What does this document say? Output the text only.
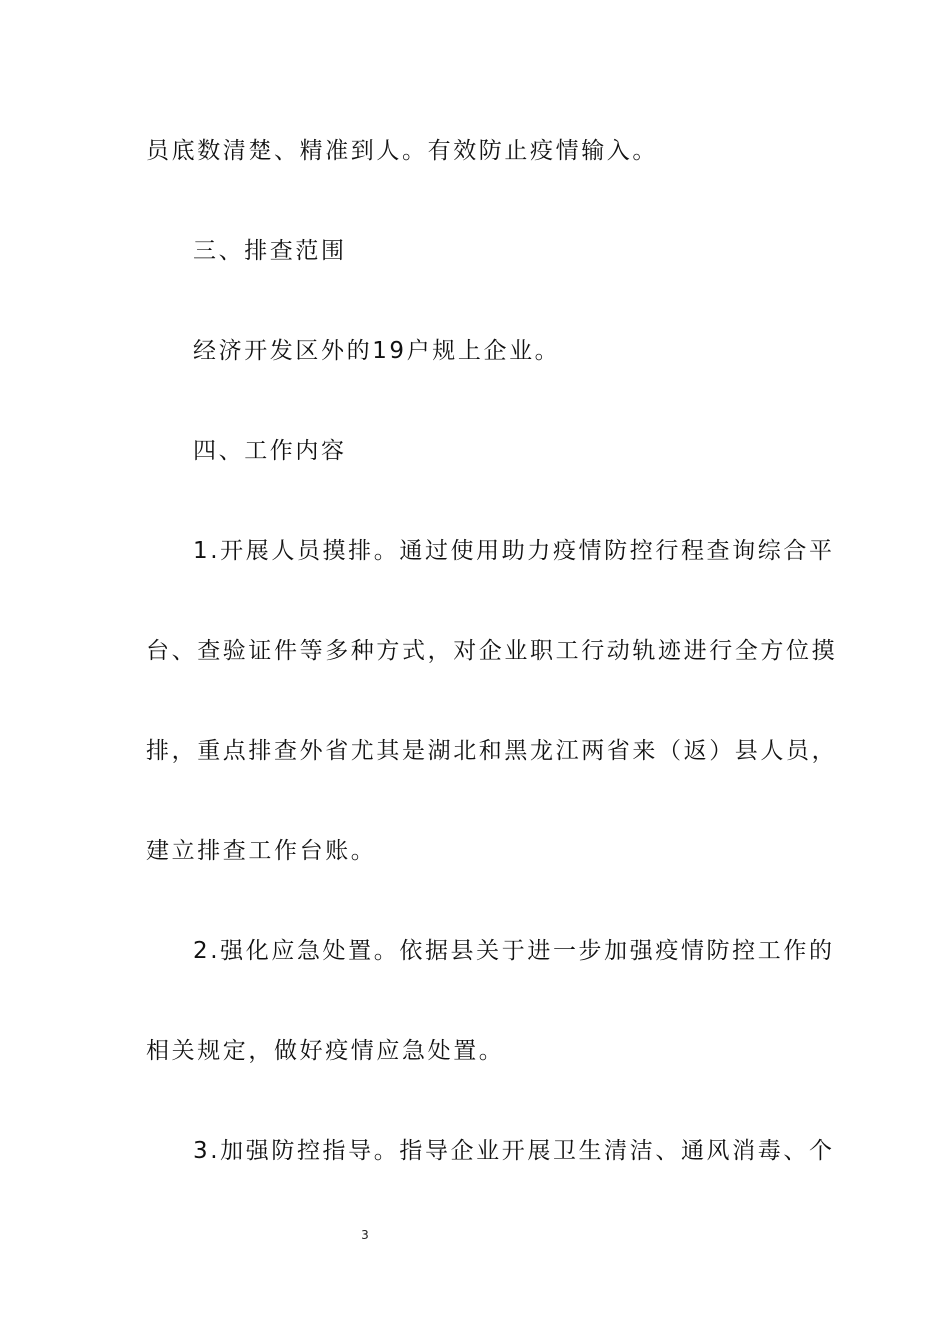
员底数清楚、精准到人。有效防止疫情输入。
三、排查范围
经济开发区外的19户规上企业。
四、工作内容
1.开展人员摸排。通过使用助力疫情防控行程查询综合平
台、查验证件等多种方式，对企业职工行动轨迹进行全方位摸
排，重点排查外省尤其是湖北和黑龙江两省来（返）县人员，
建立排查工作台账。
2.强化应急处置。依据县关于进一步加强疫情防控工作的
相关规定，做好疫情应急处置。
3.加强防控指导。指导企业开展卫生清洁、通风消毒、个
3
